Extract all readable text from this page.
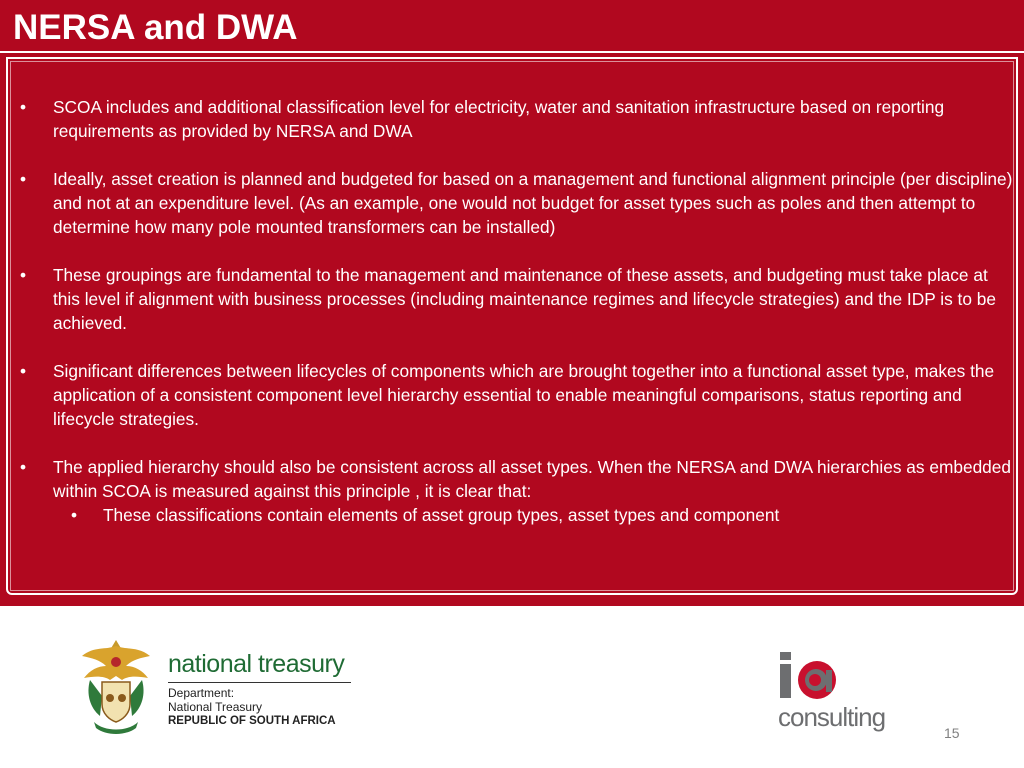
NERSA and DWA
•	SCOA includes and additional classification level for electricity, water and sanitation infrastructure based on reporting requirements as provided by NERSA and DWA
•	Ideally, asset creation is planned and budgeted for based on a management and functional alignment principle (per discipline) and not at an expenditure level. (As an example, one would not budget for asset types such as poles and then attempt to determine how many pole mounted transformers can be installed)
•	These groupings are fundamental to the management and maintenance of these assets, and budgeting must take place at this level if alignment with business processes (including maintenance regimes and lifecycle strategies) and the IDP is to be achieved.
•	Significant differences between lifecycles of components which are brought together into a functional asset type, makes the application of a consistent component level hierarchy essential to enable meaningful comparisons, status reporting and lifecycle strategies.
•	The applied hierarchy should also be consistent across all asset types. When the NERSA and DWA hierarchies as embedded within SCOA is measured against this principle , it is clear that:
• These classifications contain elements of asset group types, asset types and component
national treasury
Department:
National Treasury
REPUBLIC OF SOUTH AFRICA	consulting
15
